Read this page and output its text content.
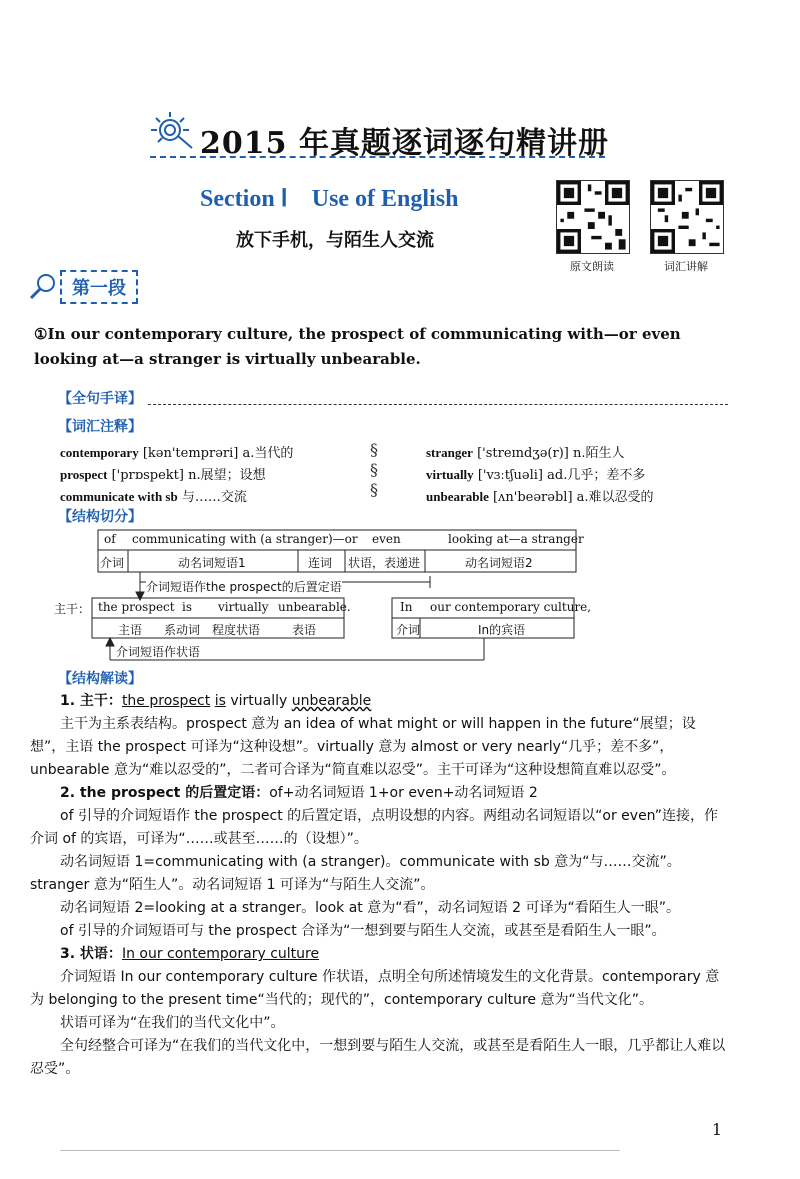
2015 年真题逐词逐句精讲册
Section Ⅰ　Use of English
放下手机，与陌生人交流
原文朗读	词汇讲解
第一段
①In our contemporary culture, the prospect of communicating with—or even looking at—a stranger is virtually unbearable.
【全句手译】
【词汇注释】
contemporary [kən'temprəri] a.当代的
prospect ['prɒspekt] n.展望；设想
communicate with sb 与……交流
§
§
§
stranger ['streɪndʒə(r)] n.陌生人
virtually ['vɜːtʃuəli] ad.几乎；差不多
unbearable [ʌn'beərəbl] a.难以忍受的
【结构切分】
of communicating with (a stranger)—or even	looking at—a stranger
介词	动名词短语1	连词 状语，表递进	动名词短语2
介词短语作the prospect的后置定语
主干： the prospect is virtually unbearable.
主语 系动词 程度状语	表语
In our contemporary culture,
介词	In的宾语
介词短语作状语
【结构解读】

1. 主干：the prospect is virtually unbearable

主干为主系表结构。prospect 意为 an idea of what might or will happen in the future“展望；设想”，主语 the prospect 可译为“这种设想”。virtually 意为 almost or very nearly“几乎；差不多”，unbearable 意为“难以忍受的”，二者可合译为“简直难以忍受”。主干可译为“这种设想简直难以忍受”。

2. the prospect 的后置定语：of+动名词短语 1+or even+动名词短语 2

of 引导的介词短语作 the prospect 的后置定语，点明设想的内容。两组动名词短语以“or even”连接，作介词 of 的宾语，可译为“……或甚至……的（设想）”。

动名词短语 1=communicating with (a stranger)。communicate with sb 意为“与……交流”。stranger 意为“陌生人”。动名词短语 1 可译为“与陌生人交流”。

动名词短语 2=looking at a stranger。look at 意为“看”，动名词短语 2 可译为“看陌生人一眼”。

of 引导的介词短语可与 the prospect 合译为“一想到要与陌生人交流，或甚至是看陌生人一眼”。

3. 状语：In our contemporary culture

介词短语 In our contemporary culture 作状语，点明全句所述情境发生的文化背景。contemporary 意为 belonging to the present time“当代的；现代的”，contemporary culture 意为“当代文化”。

状语可译为“在我们的当代文化中”。

全句经整合可译为“在我们的当代文化中，一想到要与陌生人交流，或甚至是看陌生人一眼，几乎都让人难以忍受”。

1
